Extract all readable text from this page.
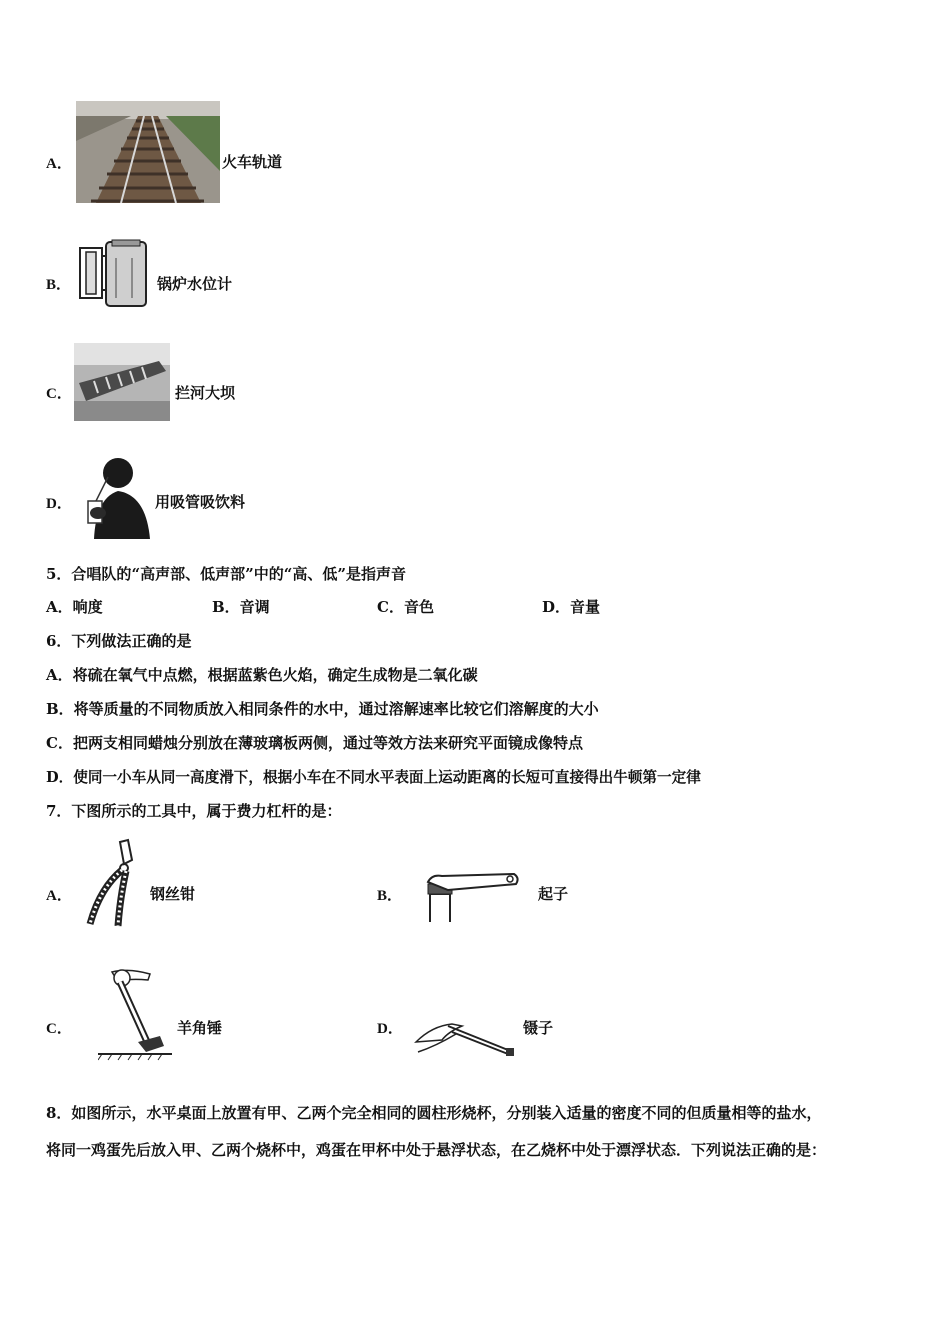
A．	火车轨道
B．	锅炉水位计
C．	拦河大坝
D．	用吸管吸饮料
5．合唱队的“高声部、低声部”中的“高、低”是指声音
A．响度	B．音调	C．音色	D．音量
6．下列做法正确的是
A．将硫在氧气中点燃，根据蓝紫色火焰，确定生成物是二氧化碳
B．将等质量的不同物质放入相同条件的水中，通过溶解速率比较它们溶解度的大小
C．把两支相同蜡烛分别放在薄玻璃板两侧，通过等效方法来研究平面镜成像特点
D．使同一小车从同一高度滑下，根据小车在不同水平表面上运动距离的长短可直接得出牛顿第一定律
7．下图所示的工具中，属于费力杠杆的是：
A．	钢丝钳	B．	起子
C．	羊角锤	D．	镊子
8．如图所示，水平桌面上放置有甲、乙两个完全相同的圆柱形烧杯，分别装入适量的密度不同的但质量相等的盐水，
将同一鸡蛋先后放入甲、乙两个烧杯中，鸡蛋在甲杯中处于悬浮状态，在乙烧杯中处于漂浮状态．下列说法正确的是：
